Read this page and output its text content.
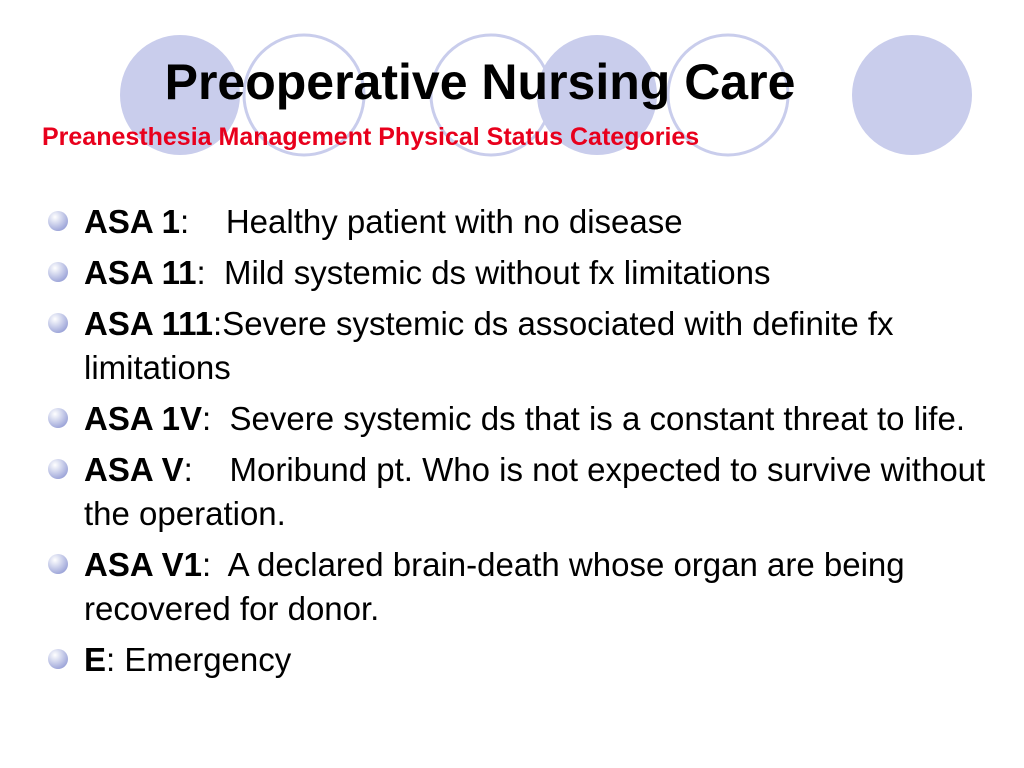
Preoperative Nursing Care
Preanesthesia Management Physical Status Categories
ASA 1:    Healthy patient with no disease
ASA 11:  Mild systemic ds without fx limitations
ASA 111:Severe systemic ds associated with definite fx limitations
ASA 1V:  Severe systemic ds that is a constant threat to life.
ASA V:    Moribund pt. Who is not expected to survive without the operation.
ASA V1:  A declared brain-death whose organ are being recovered for donor.
E: Emergency
